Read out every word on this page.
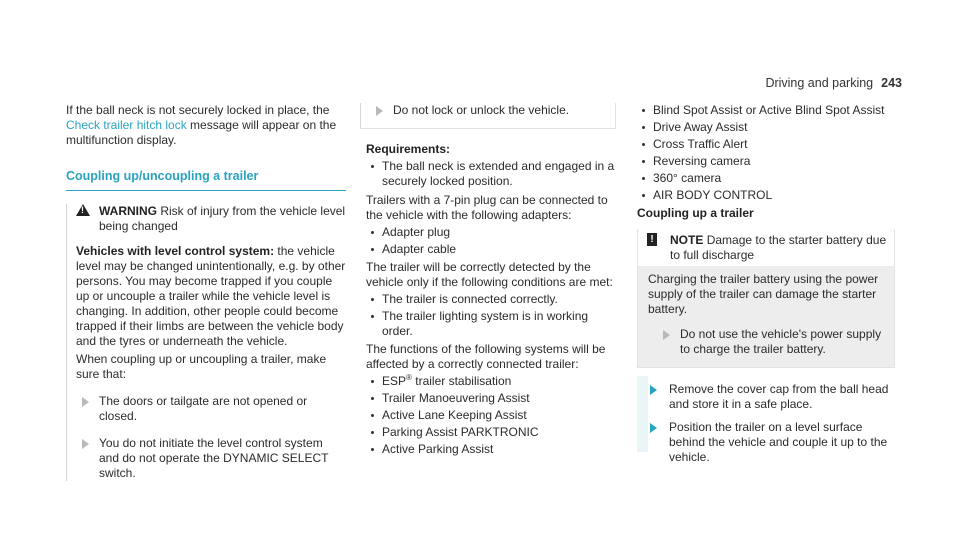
Driving and parking 243

If the ball neck is not securely locked in place, the Check trailer hitch lock message will appear on the multifunction display.

Coupling up/uncoupling a trailer
!
WARNING Risk of injury from the vehicle level being changed

Vehicles with level control system: the vehicle level may be changed unintentionally, e.g. by other persons. You may become trapped if you couple up or uncouple a trailer while the vehicle level is changing. In addition, other people could become trapped if their limbs are between the vehicle body and the tyres or underneath the vehicle.

When coupling up or uncoupling a trailer, make sure that:

The doors or tailgate are not opened or closed.
You do not initiate the level control system and do not operate the DYNAMIC SELECT switch.
Do not lock or unlock the vehicle.

Requirements:

The ball neck is extended and engaged in a securely locked position.

Trailers with a 7-pin plug can be connected to the vehicle with the following adapters:

Adapter plug
Adapter cable

The trailer will be correctly detected by the vehicle only if the following conditions are met:

The trailer is connected correctly.
The trailer lighting system is in working order.

The functions of the following systems will be affected by a correctly connected trailer:

ESP® trailer stabilisation
Trailer Manoeuvering Assist
Active Lane Keeping Assist
Parking Assist PARKTRONIC
Active Parking Assist
Blind Spot Assist or Active Blind Spot Assist
Drive Away Assist
Cross Traffic Alert
Reversing camera
360° camera
AIR BODY CONTROL

Coupling up a trailer

! NOTE Damage to the starter battery due to full discharge

Charging the trailer battery using the power supply of the trailer can damage the starter battery.

Do not use the vehicle's power supply to charge the trailer battery.
Remove the cover cap from the ball head and store it in a safe place.
Position the trailer on a level surface behind the vehicle and couple it up to the vehicle.
